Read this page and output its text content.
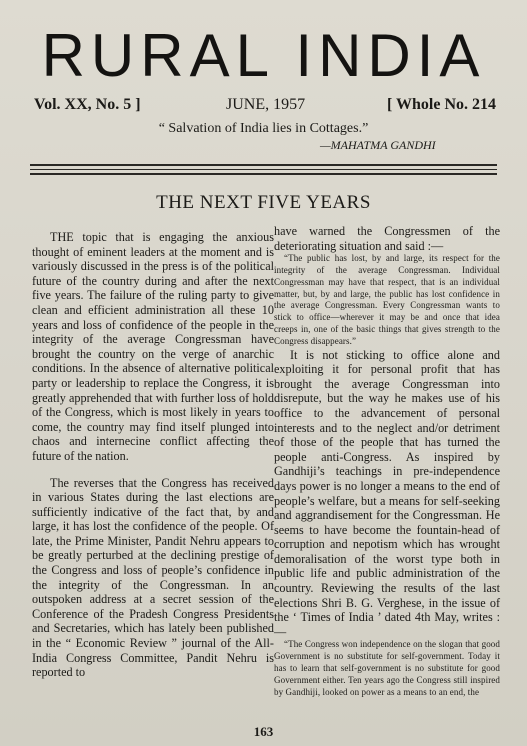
RURAL INDIA
Vol. XX, No. 5 ]	JUNE, 1957	[ Whole No. 214
“ Salvation of India lies in Cottages.”
—MAHATMA GANDHI
THE NEXT FIVE YEARS

THE topic that is engaging the anxious thought of eminent leaders at the moment and is variously discussed in the press is of the political future of the country during and after the next five years. The failure of the ruling party to give clean and efficient administration all these 10 years and loss of confidence of the people in the integrity of the average Congressman have brought the country on the verge of anarchic conditions. In the absence of alternative political party or leadership to replace the Congress, it is greatly apprehended that with further loss of hold of the Congress, which is most likely in years to come, the country may find itself plunged into chaos and internecine conflict affecting the future of the nation.

The reverses that the Congress has received in various States during the last elections are sufficiently indicative of the fact that, by and large, it has lost the confidence of the people. Of late, the Prime Minister, Pandit Nehru appears to be greatly perturbed at the declining prestige of the Congress and loss of people’s confidence in the integrity of the Congressman. In an outspoken address at a secret session of the Conference of the Pradesh Congress Presidents and Secretaries, which has lately been published in the “ Economic Review ” journal of the All-India Congress Committee, Pandit Nehru is reported to

have warned the Congressmen of the deteriorating situation and said :—

“The public has lost, by and large, its respect for the integrity of the average Congressman. Individual Congressman may have that respect, that is an individual matter, but, by and large, the public has lost confidence in the average Congressman. Every Congressman wants to stick to office—wherever it may be and once that idea creeps in, one of the basic things that gives strength to the Congress disappears.”

It is not sticking to office alone and exploiting it for personal profit that has brought the average Congressman into disrepute, but the way he makes use of his office to the advancement of personal interests and to the neglect and/or detriment of those of the people that has turned the people anti-Congress. As inspired by Gandhiji’s teachings in pre-independence days power is no longer a means to the end of people’s welfare, but a means for self-seeking and aggrandisement for the Congressman. He seems to have become the fountain-head of corruption and nepotism which has wrought demoralisation of the worst type both in public life and public administration of the country. Reviewing the results of the last elections Shri B. G. Verghese, in the issue of the ‘ Times of India ’ dated 4th May, writes :—

“The Congress won independence on the slogan that good Government is no substitute for self-government. Today it has to learn that self-government is no substitute for good Government either. Ten years ago the Congress still inspired by Gandhiji, looked on power as a means to an end, the

163
